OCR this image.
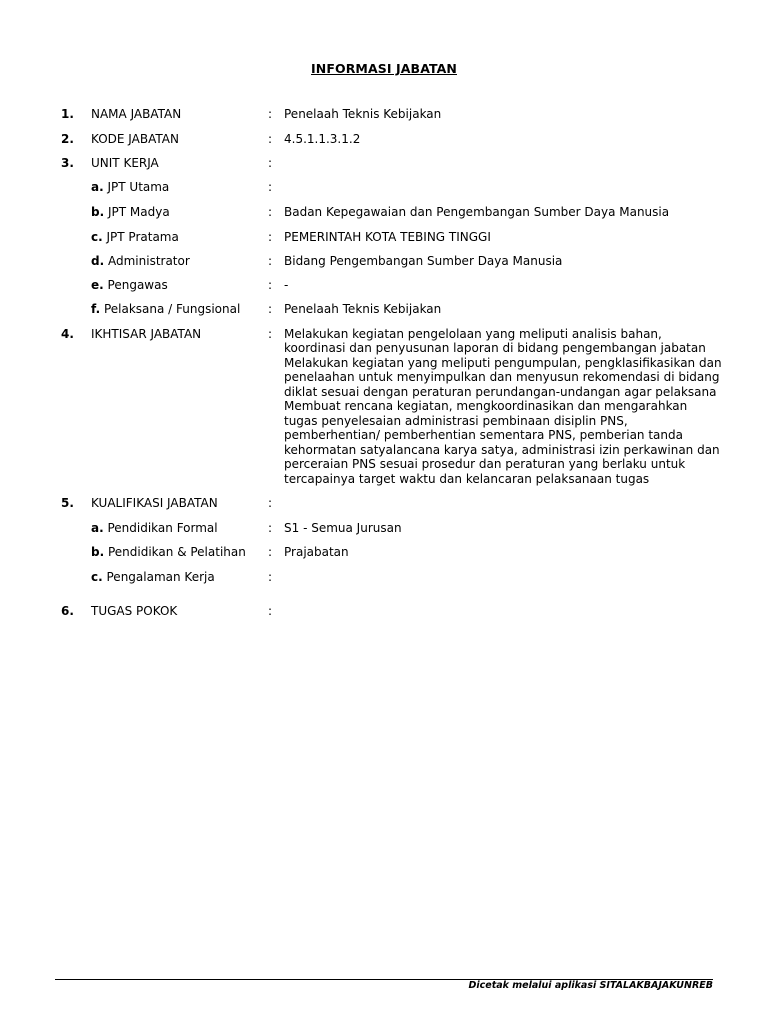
INFORMASI JABATAN
1. NAMA JABATAN	: Penelaah Teknis Kebijakan
2. KODE JABATAN	: 4.5.1.1.3.1.2
3. UNIT KERJA	:
a. JPT Utama	:
b. JPT Madya	: Badan Kepegawaian dan Pengembangan Sumber Daya Manusia
c. JPT Pratama	: PEMERINTAH KOTA TEBING TINGGI
d. Administrator	: Bidang Pengembangan Sumber Daya Manusia
e. Pengawas	: -
f. Pelaksana / Fungsional : Penelaah Teknis Kebijakan
4. IKHTISAR JABATAN	: Melakukan kegiatan pengelolaan yang meliputi analisis bahan,
koordinasi dan penyusunan laporan di bidang pengembangan jabatan
Melakukan kegiatan yang meliputi pengumpulan, pengklasifikasikan dan
penelaahan untuk menyimpulkan dan menyusun rekomendasi di bidang
diklat sesuai dengan peraturan perundangan-undangan agar pelaksana
Membuat rencana kegiatan, mengkoordinasikan dan mengarahkan
tugas penyelesaian administrasi pembinaan disiplin PNS,
pemberhentian/ pemberhentian sementara PNS, pemberian tanda
kehormatan satyalancana karya satya, administrasi izin perkawinan dan
perceraian PNS sesuai prosedur dan peraturan yang berlaku untuk
tercapainya target waktu dan kelancaran pelaksanaan tugas
5. KUALIFIKASI JABATAN	:
a. Pendidikan Formal	: S1 - Semua Jurusan
b. Pendidikan & Pelatihan : Prajabatan
c. Pengalaman Kerja	:
6. TUGAS POKOK	:
Dicetak melalui aplikasi SITALAKBAJAKUNREB
